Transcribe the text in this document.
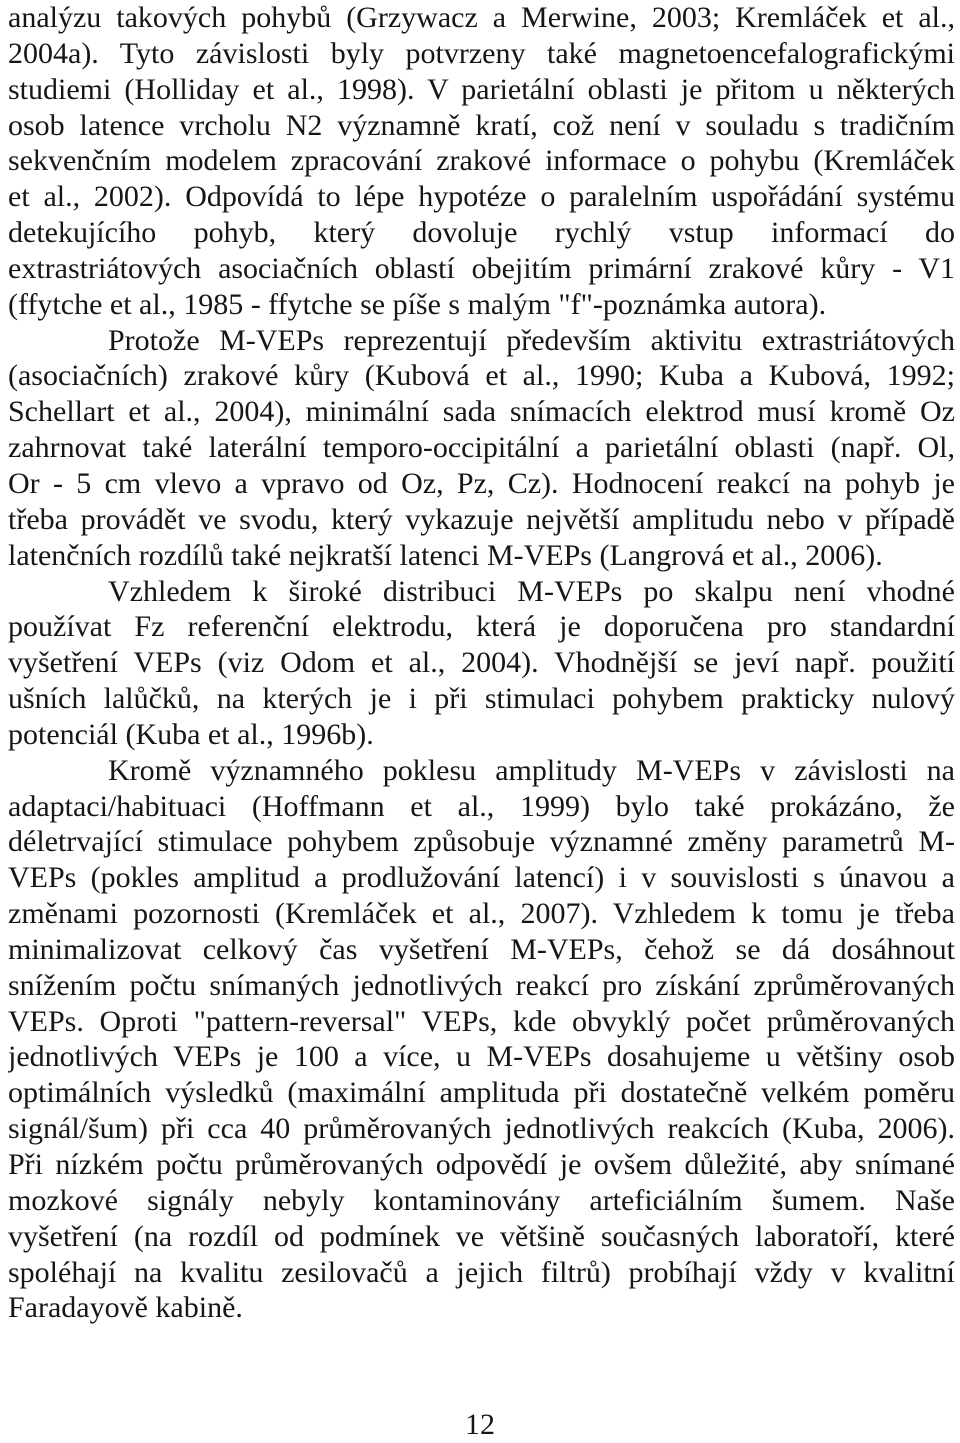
analýzu takových pohybů (Grzywacz a Merwine, 2003; Kremláček et al.,
2004a). Tyto závislosti byly potvrzeny také magnetoencefalografickými
studiemi (Holliday et al., 1998). V parietální oblasti je přitom u některých
osob latence vrcholu N2 významně kratí, což není v souladu s tradičním
sekvenčním modelem zpracování zrakové informace o pohybu (Kremláček
et al., 2002). Odpovídá to lépe hypotéze o paralelním uspořádání systému
detekujícího pohyb, který dovoluje rychlý vstup informací do
extrastriátových asociačních oblastí obejitím primární zrakové kůry - V1
(ffytche et al., 1985 - ffytche se píše s malým "f"-poznámka autora).
Protože M-VEPs reprezentují především aktivitu extrastriátových
(asociačních) zrakové kůry (Kubová et al., 1990; Kuba a Kubová, 1992;
Schellart et al., 2004), minimální sada snímacích elektrod musí kromě Oz
zahrnovat také laterální temporo-occipitální a parietální oblasti (např. Ol,
Or - 5 cm vlevo a vpravo od Oz, Pz, Cz). Hodnocení reakcí na pohyb je
třeba provádět ve svodu, který vykazuje největší amplitudu nebo v případě
latenčních rozdílů také nejkratší latenci M-VEPs (Langrová et al., 2006).
Vzhledem k široké distribuci M-VEPs po skalpu není vhodné
používat Fz referenční elektrodu, která je doporučena pro standardní
vyšetření VEPs (viz Odom et al., 2004). Vhodnější se jeví např. použití
ušních lalůčků, na kterých je i při stimulaci pohybem prakticky nulový
potenciál (Kuba et al., 1996b).
Kromě významného poklesu amplitudy M-VEPs v závislosti na
adaptaci/habituaci (Hoffmann et al., 1999) bylo také prokázáno, že
déletrvající stimulace pohybem způsobuje významné změny parametrů M-
VEPs (pokles amplitud a prodlužování latencí) i v souvislosti s únavou a
změnami pozornosti (Kremláček et al., 2007). Vzhledem k tomu je třeba
minimalizovat celkový čas vyšetření M-VEPs, čehož se dá dosáhnout
snížením počtu snímaných jednotlivých reakcí pro získání zprůměrovaných
VEPs. Oproti "pattern-reversal" VEPs, kde obvyklý počet průměrovaných
jednotlivých VEPs je 100 a více, u M-VEPs dosahujeme u většiny osob
optimálních výsledků (maximální amplituda při dostatečně velkém poměru
signál/šum) při cca 40 průměrovaných jednotlivých reakcích (Kuba, 2006).
Při nízkém počtu průměrovaných odpovědí je ovšem důležité, aby snímané
mozkové signály nebyly kontaminovány arteficiálním šumem. Naše
vyšetření (na rozdíl od podmínek ve většině současných laboratoří, které
spoléhají na kvalitu zesilovačů a jejich filtrů) probíhají vždy v kvalitní
Faradayově kabině.
12
